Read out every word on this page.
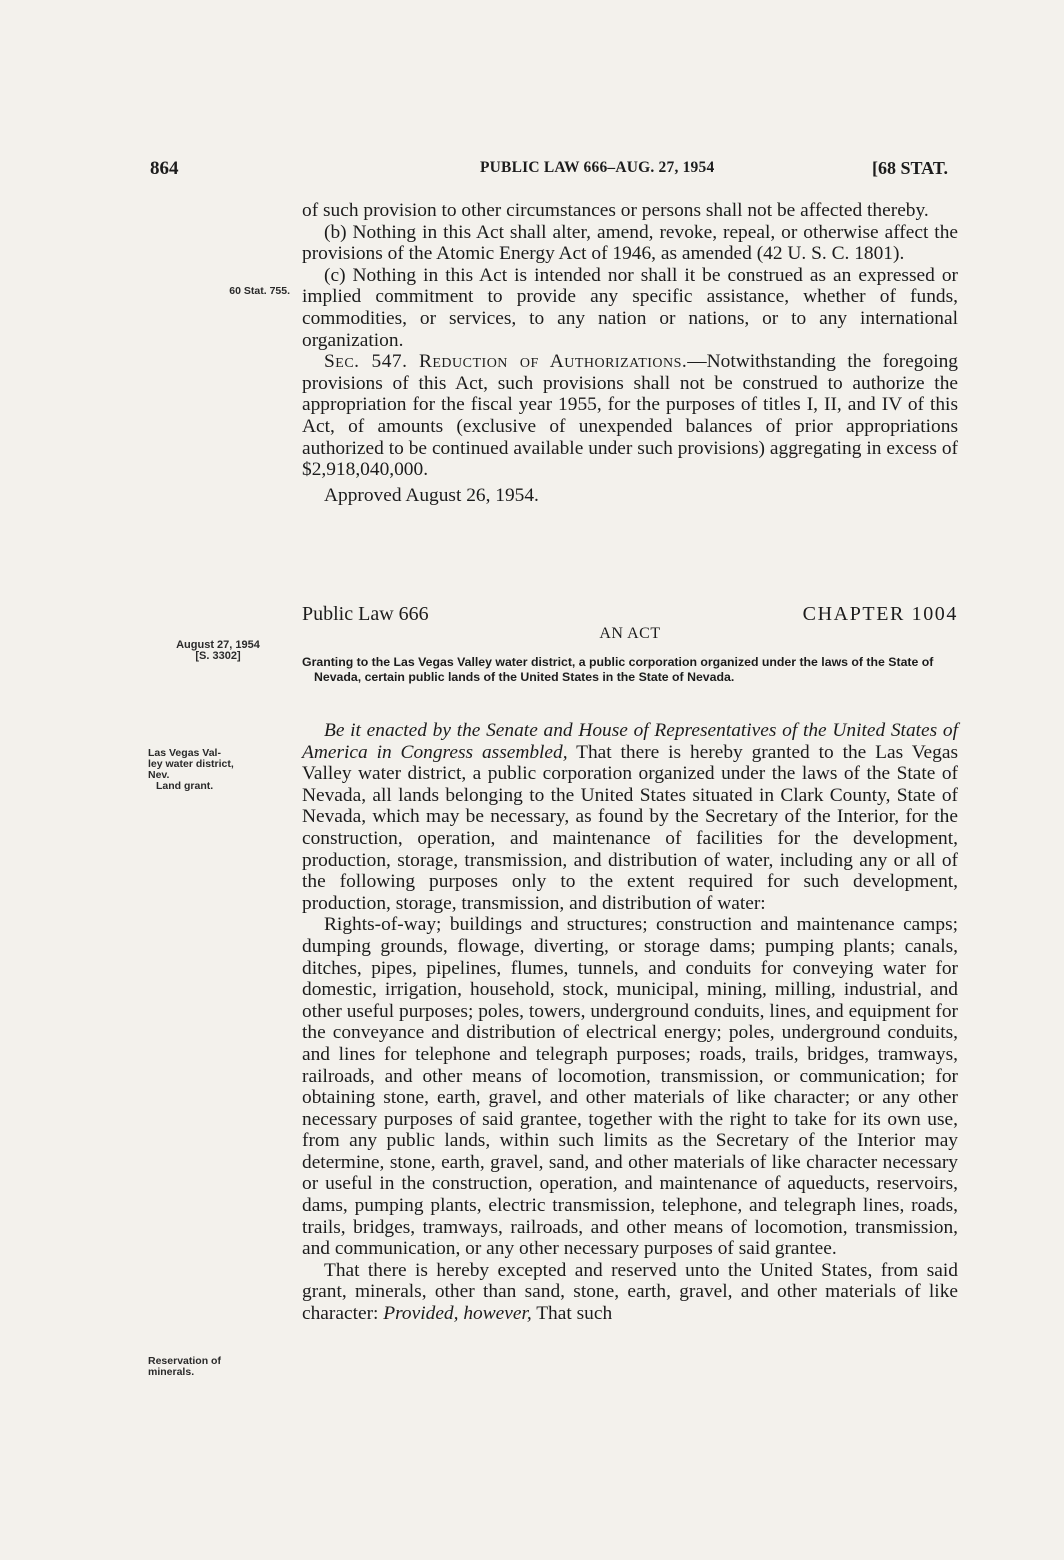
864	PUBLIC LAW 666–AUG. 27, 1954	[68 STAT.
60 Stat. 755.

of such provision to other circumstances or persons shall not be affected thereby.

(b) Nothing in this Act shall alter, amend, revoke, repeal, or otherwise affect the provisions of the Atomic Energy Act of 1946, as amended (42 U. S. C. 1801).

(c) Nothing in this Act is intended nor shall it be construed as an expressed or implied commitment to provide any specific assistance, whether of funds, commodities, or services, to any nation or nations, or to any international organization.

Sec. 547. Reduction of Authorizations.—Notwithstanding the foregoing provisions of this Act, such provisions shall not be construed to authorize the appropriation for the fiscal year 1955, for the purposes of titles I, II, and IV of this Act, of amounts (exclusive of unexpended balances of prior appropriations authorized to be continued available under such provisions) aggregating in excess of $2,918,040,000.

Approved August 26, 1954.

Public Law 666	CHAPTER 1004
August 27, 1954
[S. 3302]
AN ACT
Granting to the Las Vegas Valley water district, a public corporation organized under the laws of the State of Nevada, certain public lands of the United States in the State of Nevada.
Las Vegas Val-
ley water district,
Nev.
Land grant.

Be it enacted by the Senate and House of Representatives of the United States of America in Congress assembled, That there is hereby granted to the Las Vegas Valley water district, a public corporation organized under the laws of the State of Nevada, all lands belonging to the United States situated in Clark County, State of Nevada, which may be necessary, as found by the Secretary of the Interior, for the construction, operation, and maintenance of facilities for the development, production, storage, transmission, and distribution of water, including any or all of the following purposes only to the extent required for such development, production, storage, transmission, and distribution of water:

Rights-of-way; buildings and structures; construction and maintenance camps; dumping grounds, flowage, diverting, or storage dams; pumping plants; canals, ditches, pipes, pipelines, flumes, tunnels, and conduits for conveying water for domestic, irrigation, household, stock, municipal, mining, milling, industrial, and other useful purposes; poles, towers, underground conduits, lines, and equipment for the conveyance and distribution of electrical energy; poles, underground conduits, and lines for telephone and telegraph purposes; roads, trails, bridges, tramways, railroads, and other means of locomotion, transmission, or communication; for obtaining stone, earth, gravel, and other materials of like character; or any other necessary purposes of said grantee, together with the right to take for its own use, from any public lands, within such limits as the Secretary of the Interior may determine, stone, earth, gravel, sand, and other materials of like character necessary or useful in the construction, operation, and maintenance of aqueducts, reservoirs, dams, pumping plants, electric transmission, telephone, and telegraph lines, roads, trails, bridges, tramways, railroads, and other means of locomotion, transmission, and communication, or any other necessary purposes of said grantee.

That there is hereby excepted and reserved unto the United States, from said grant, minerals, other than sand, stone, earth, gravel, and other materials of like character: Provided, however, That such

Reservation of
minerals.
